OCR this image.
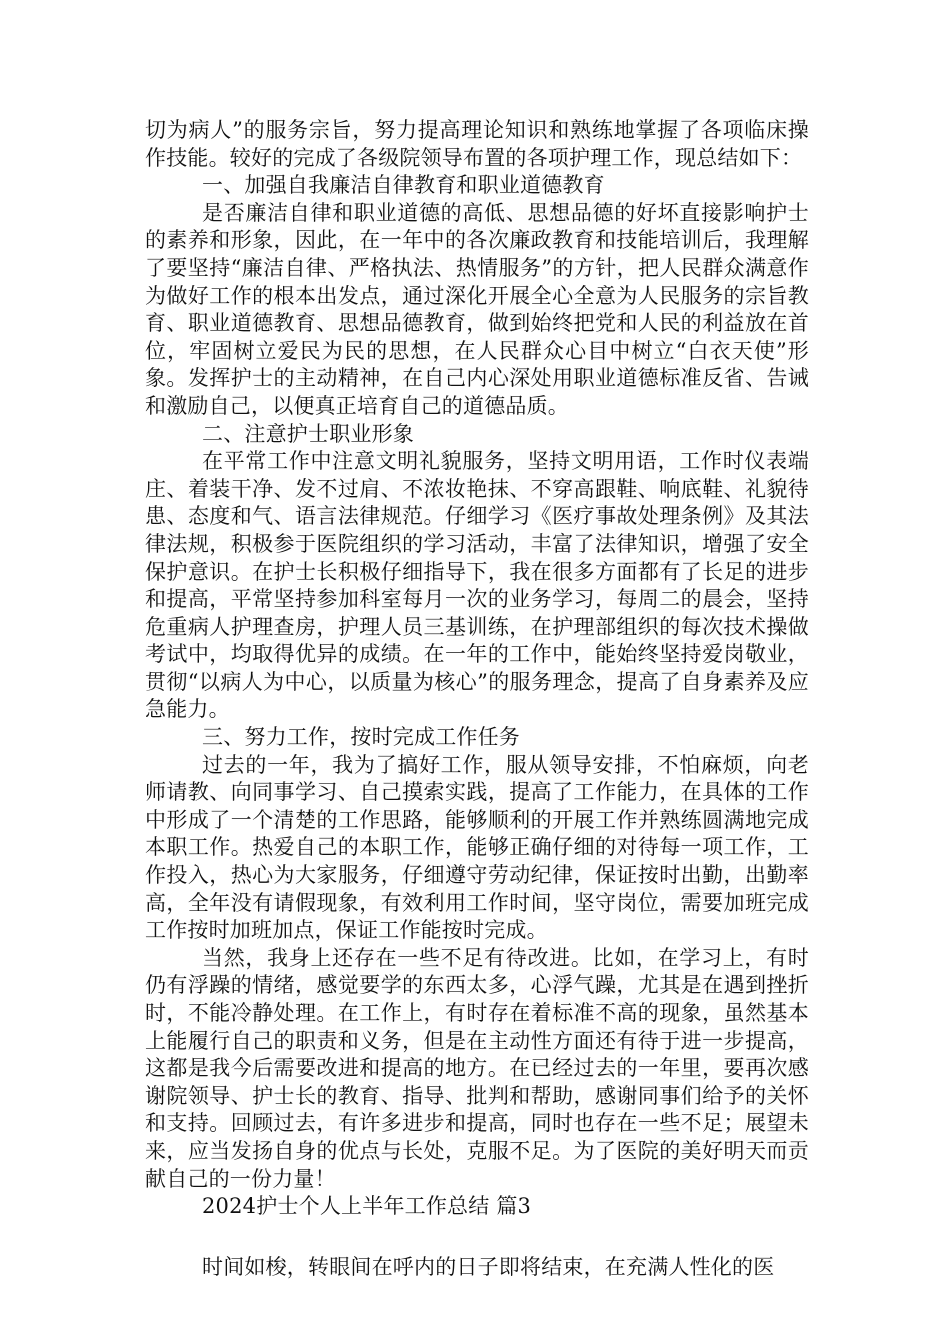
切为病人”的服务宗旨，努力提高理论知识和熟练地掌握了各项临床操作技能。较好的完成了各级院领导布置的各项护理工作，现总结如下：

一、加强自我廉洁自律教育和职业道德教育

是否廉洁自律和职业道德的高低、思想品德的好坏直接影响护士的素养和形象，因此，在一年中的各次廉政教育和技能培训后，我理解了要坚持“廉洁自律、严格执法、热情服务”的方针，把人民群众满意作为做好工作的根本出发点，通过深化开展全心全意为人民服务的宗旨教育、职业道德教育、思想品德教育，做到始终把党和人民的利益放在首位，牢固树立爱民为民的思想，在人民群众心目中树立“白衣天使”形象。发挥护士的主动精神，在自己内心深处用职业道德标准反省、告诫和激励自己，以便真正培育自己的道德品质。

二、注意护士职业形象

在平常工作中注意文明礼貌服务，坚持文明用语，工作时仪表端庄、着装干净、发不过肩、不浓妆艳抹、不穿高跟鞋、响底鞋、礼貌待患、态度和气、语言法律规范。仔细学习《医疗事故处理条例》及其法律法规，积极参于医院组织的学习活动，丰富了法律知识，增强了安全保护意识。在护士长积极仔细指导下，我在很多方面都有了长足的进步和提高，平常坚持参加科室每月一次的业务学习，每周二的晨会，坚持危重病人护理查房，护理人员三基训练，在护理部组织的每次技术操做考试中，均取得优异的成绩。在一年的工作中，能始终坚持爱岗敬业，贯彻“以病人为中心，以质量为核心”的服务理念，提高了自身素养及应急能力。

三、努力工作，按时完成工作任务

过去的一年，我为了搞好工作，服从领导安排，不怕麻烦，向老师请教、向同事学习、自己摸索实践，提高了工作能力，在具体的工作中形成了一个清楚的工作思路，能够顺利的开展工作并熟练圆满地完成本职工作。热爱自己的本职工作，能够正确仔细的对待每一项工作，工作投入，热心为大家服务，仔细遵守劳动纪律，保证按时出勤，出勤率高，全年没有请假现象，有效利用工作时间，坚守岗位，需要加班完成工作按时加班加点，保证工作能按时完成。

当然，我身上还存在一些不足有待改进。比如，在学习上，有时仍有浮躁的情绪，感觉要学的东西太多，心浮气躁，尤其是在遇到挫折时，不能冷静处理。在工作上，有时存在着标准不高的现象，虽然基本上能履行自己的职责和义务，但是在主动性方面还有待于进一步提高，这都是我今后需要改进和提高的地方。在已经过去的一年里，要再次感谢院领导、护士长的教育、指导、批判和帮助，感谢同事们给予的关怀和支持。回顾过去，有许多进步和提高，同时也存在一些不足；展望未来，应当发扬自身的优点与长处，克服不足。为了医院的美好明天而贡献自己的一份力量！

2024护士个人上半年工作总结 篇3

时间如梭，转眼间在呼内的日子即将结束，在充满人性化的医
